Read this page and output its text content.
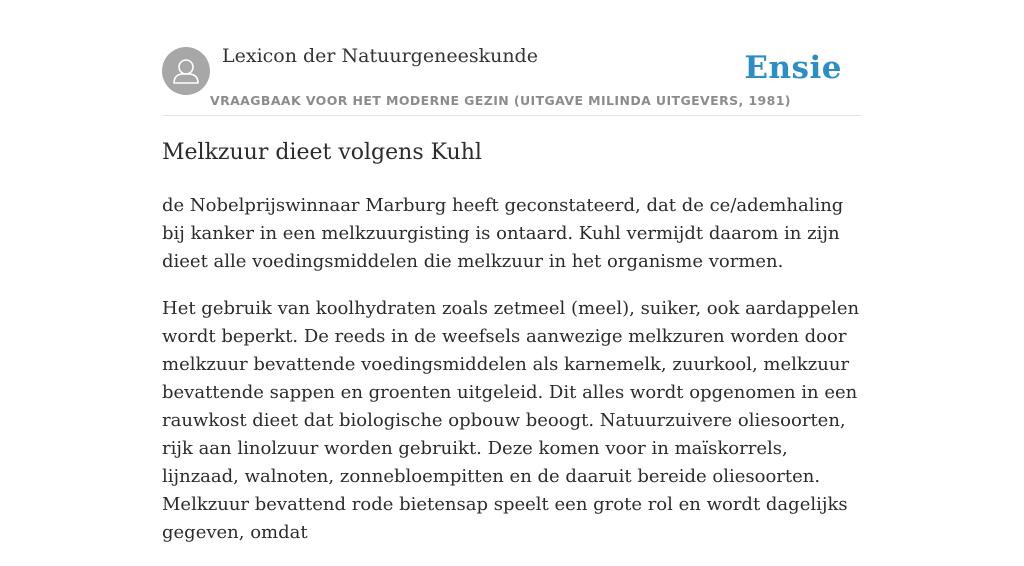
Lexicon der Natuurgeneeskunde	Ensie
VRAAGBAAK VOOR HET MODERNE GEZIN (UITGAVE MILINDA UITGEVERS, 1981)
Melkzuur dieet volgens Kuhl

de Nobelprijswinnaar Marburg heeft geconstateerd, dat de ce/ademhaling bij kanker in een melkzuurgisting is ontaard. Kuhl vermijdt daarom in zijn dieet alle voedingsmiddelen die melkzuur in het organisme vormen.

Het gebruik van koolhydraten zoals zetmeel (meel), suiker, ook aardappelen wordt beperkt. De reeds in de weefsels aanwezige melkzuren worden door melkzuur bevattende voedingsmiddelen als karnemelk, zuurkool, melkzuur bevattende sappen en groenten uitgeleid. Dit alles wordt opgenomen in een rauwkost dieet dat biologische opbouw beoogt. Natuurzuivere oliesoorten, rijk aan linolzuur worden gebruikt. Deze komen voor in maïskorrels, lijnzaad, walnoten, zonnebloempitten en de daaruit bereide oliesoorten. Melkzuur bevattend rode bietensap speelt een grote rol en wordt dagelijks gegeven, omdat
